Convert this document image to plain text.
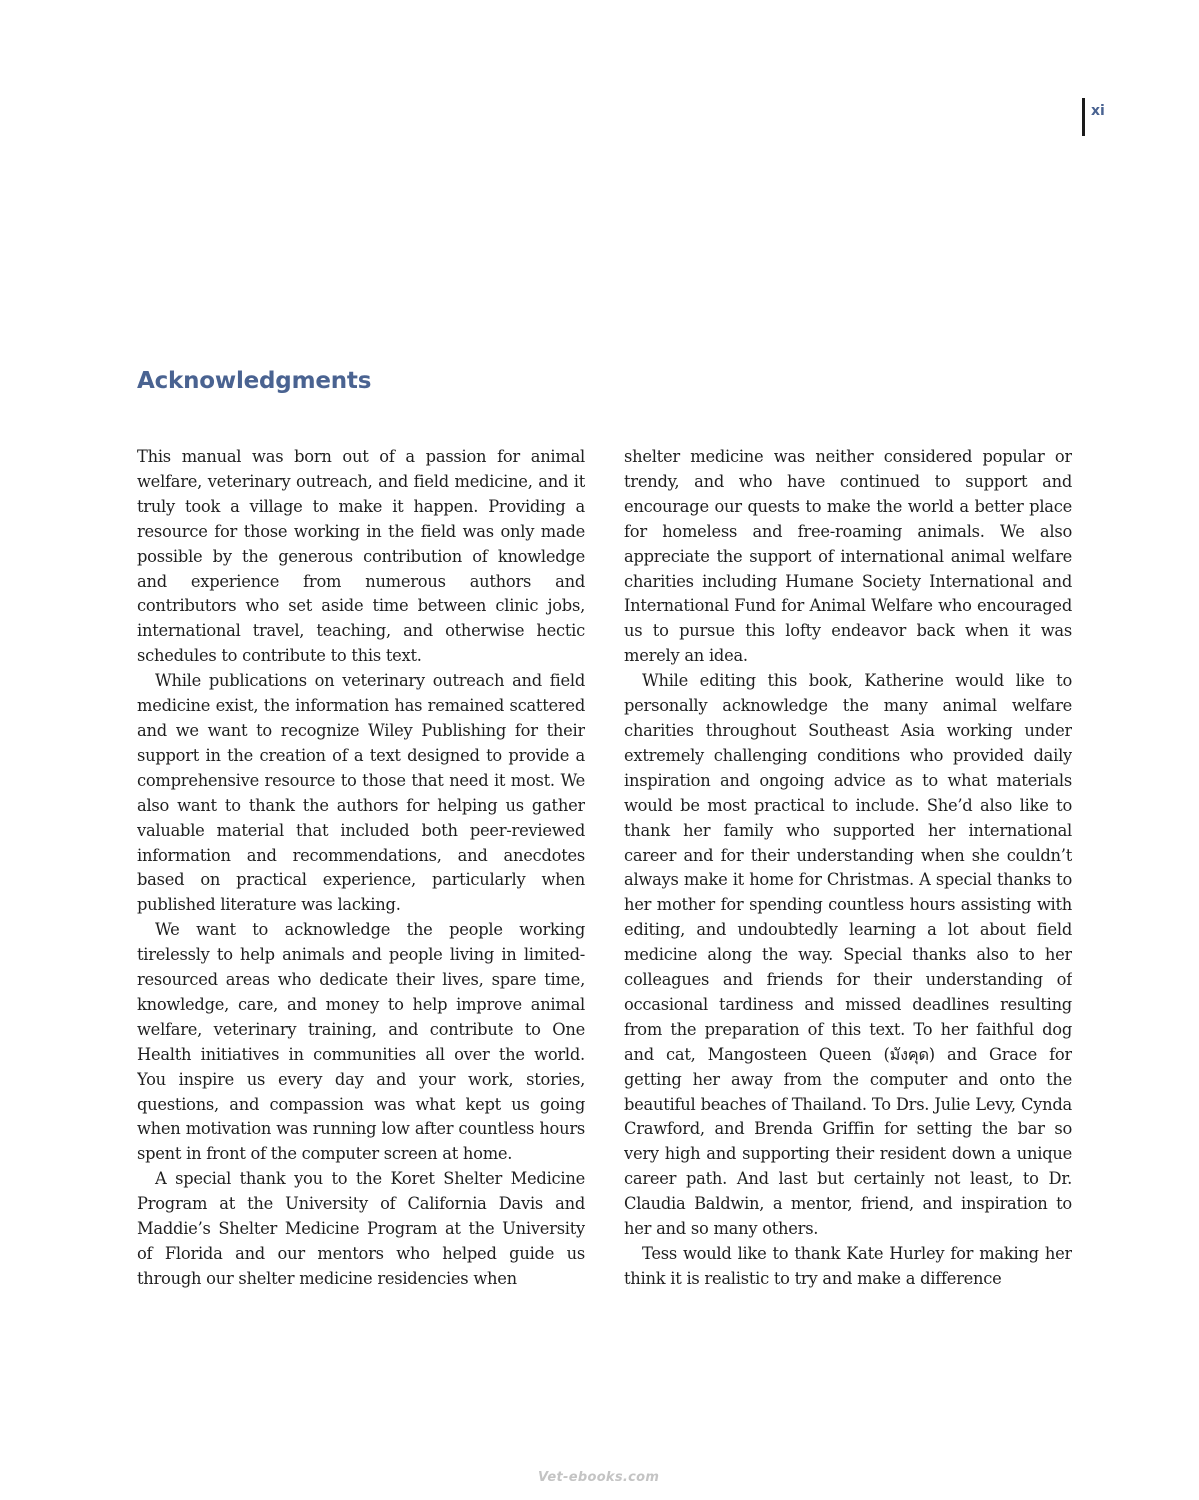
xi
Acknowledgments

This manual was born out of a passion for animal welfare, veterinary outreach, and field medicine, and it truly took a village to make it happen. Providing a resource for those working in the field was only made possible by the generous contribution of knowledge and experience from numerous authors and contributors who set aside time between clinic jobs, international travel, teaching, and otherwise hectic schedules to contribute to this text.

While publications on veterinary outreach and field medicine exist, the information has remained scattered and we want to recognize Wiley Publishing for their support in the creation of a text designed to provide a comprehensive resource to those that need it most. We also want to thank the authors for helping us gather valuable material that included both peer-reviewed information and recommendations, and anecdotes based on practical experience, particularly when published literature was lacking.

We want to acknowledge the people working tirelessly to help animals and people living in limited-resourced areas who dedicate their lives, spare time, knowledge, care, and money to help improve animal welfare, veterinary training, and contribute to One Health initiatives in communities all over the world. You inspire us every day and your work, stories, questions, and compassion was what kept us going when motivation was running low after countless hours spent in front of the computer screen at home.

A special thank you to the Koret Shelter Medicine Program at the University of California Davis and Maddie’s Shelter Medicine Program at the University of Florida and our mentors who helped guide us through our shelter medicine residencies when

shelter medicine was neither considered popular or trendy, and who have continued to support and encourage our quests to make the world a better place for homeless and free-roaming animals. We also appreciate the support of international animal welfare charities including Humane Society International and International Fund for Animal Welfare who encouraged us to pursue this lofty endeavor back when it was merely an idea.

While editing this book, Katherine would like to personally acknowledge the many animal welfare charities throughout Southeast Asia working under extremely challenging conditions who provided daily inspiration and ongoing advice as to what materials would be most practical to include. She’d also like to thank her family who supported her international career and for their understanding when she couldn’t always make it home for Christmas. A special thanks to her mother for spending countless hours assisting with editing, and undoubtedly learning a lot about field medicine along the way. Special thanks also to her colleagues and friends for their understanding of occasional tardiness and missed deadlines resulting from the preparation of this text. To her faithful dog and cat, Mangosteen Queen (มังคุด) and Grace for getting her away from the computer and onto the beautiful beaches of Thailand. To Drs. Julie Levy, Cynda Crawford, and Brenda Griffin for setting the bar so very high and supporting their resident down a unique career path. And last but certainly not least, to Dr. Claudia Baldwin, a mentor, friend, and inspiration to her and so many others.

Tess would like to thank Kate Hurley for making her think it is realistic to try and make a difference

Vet-ebooks.com
